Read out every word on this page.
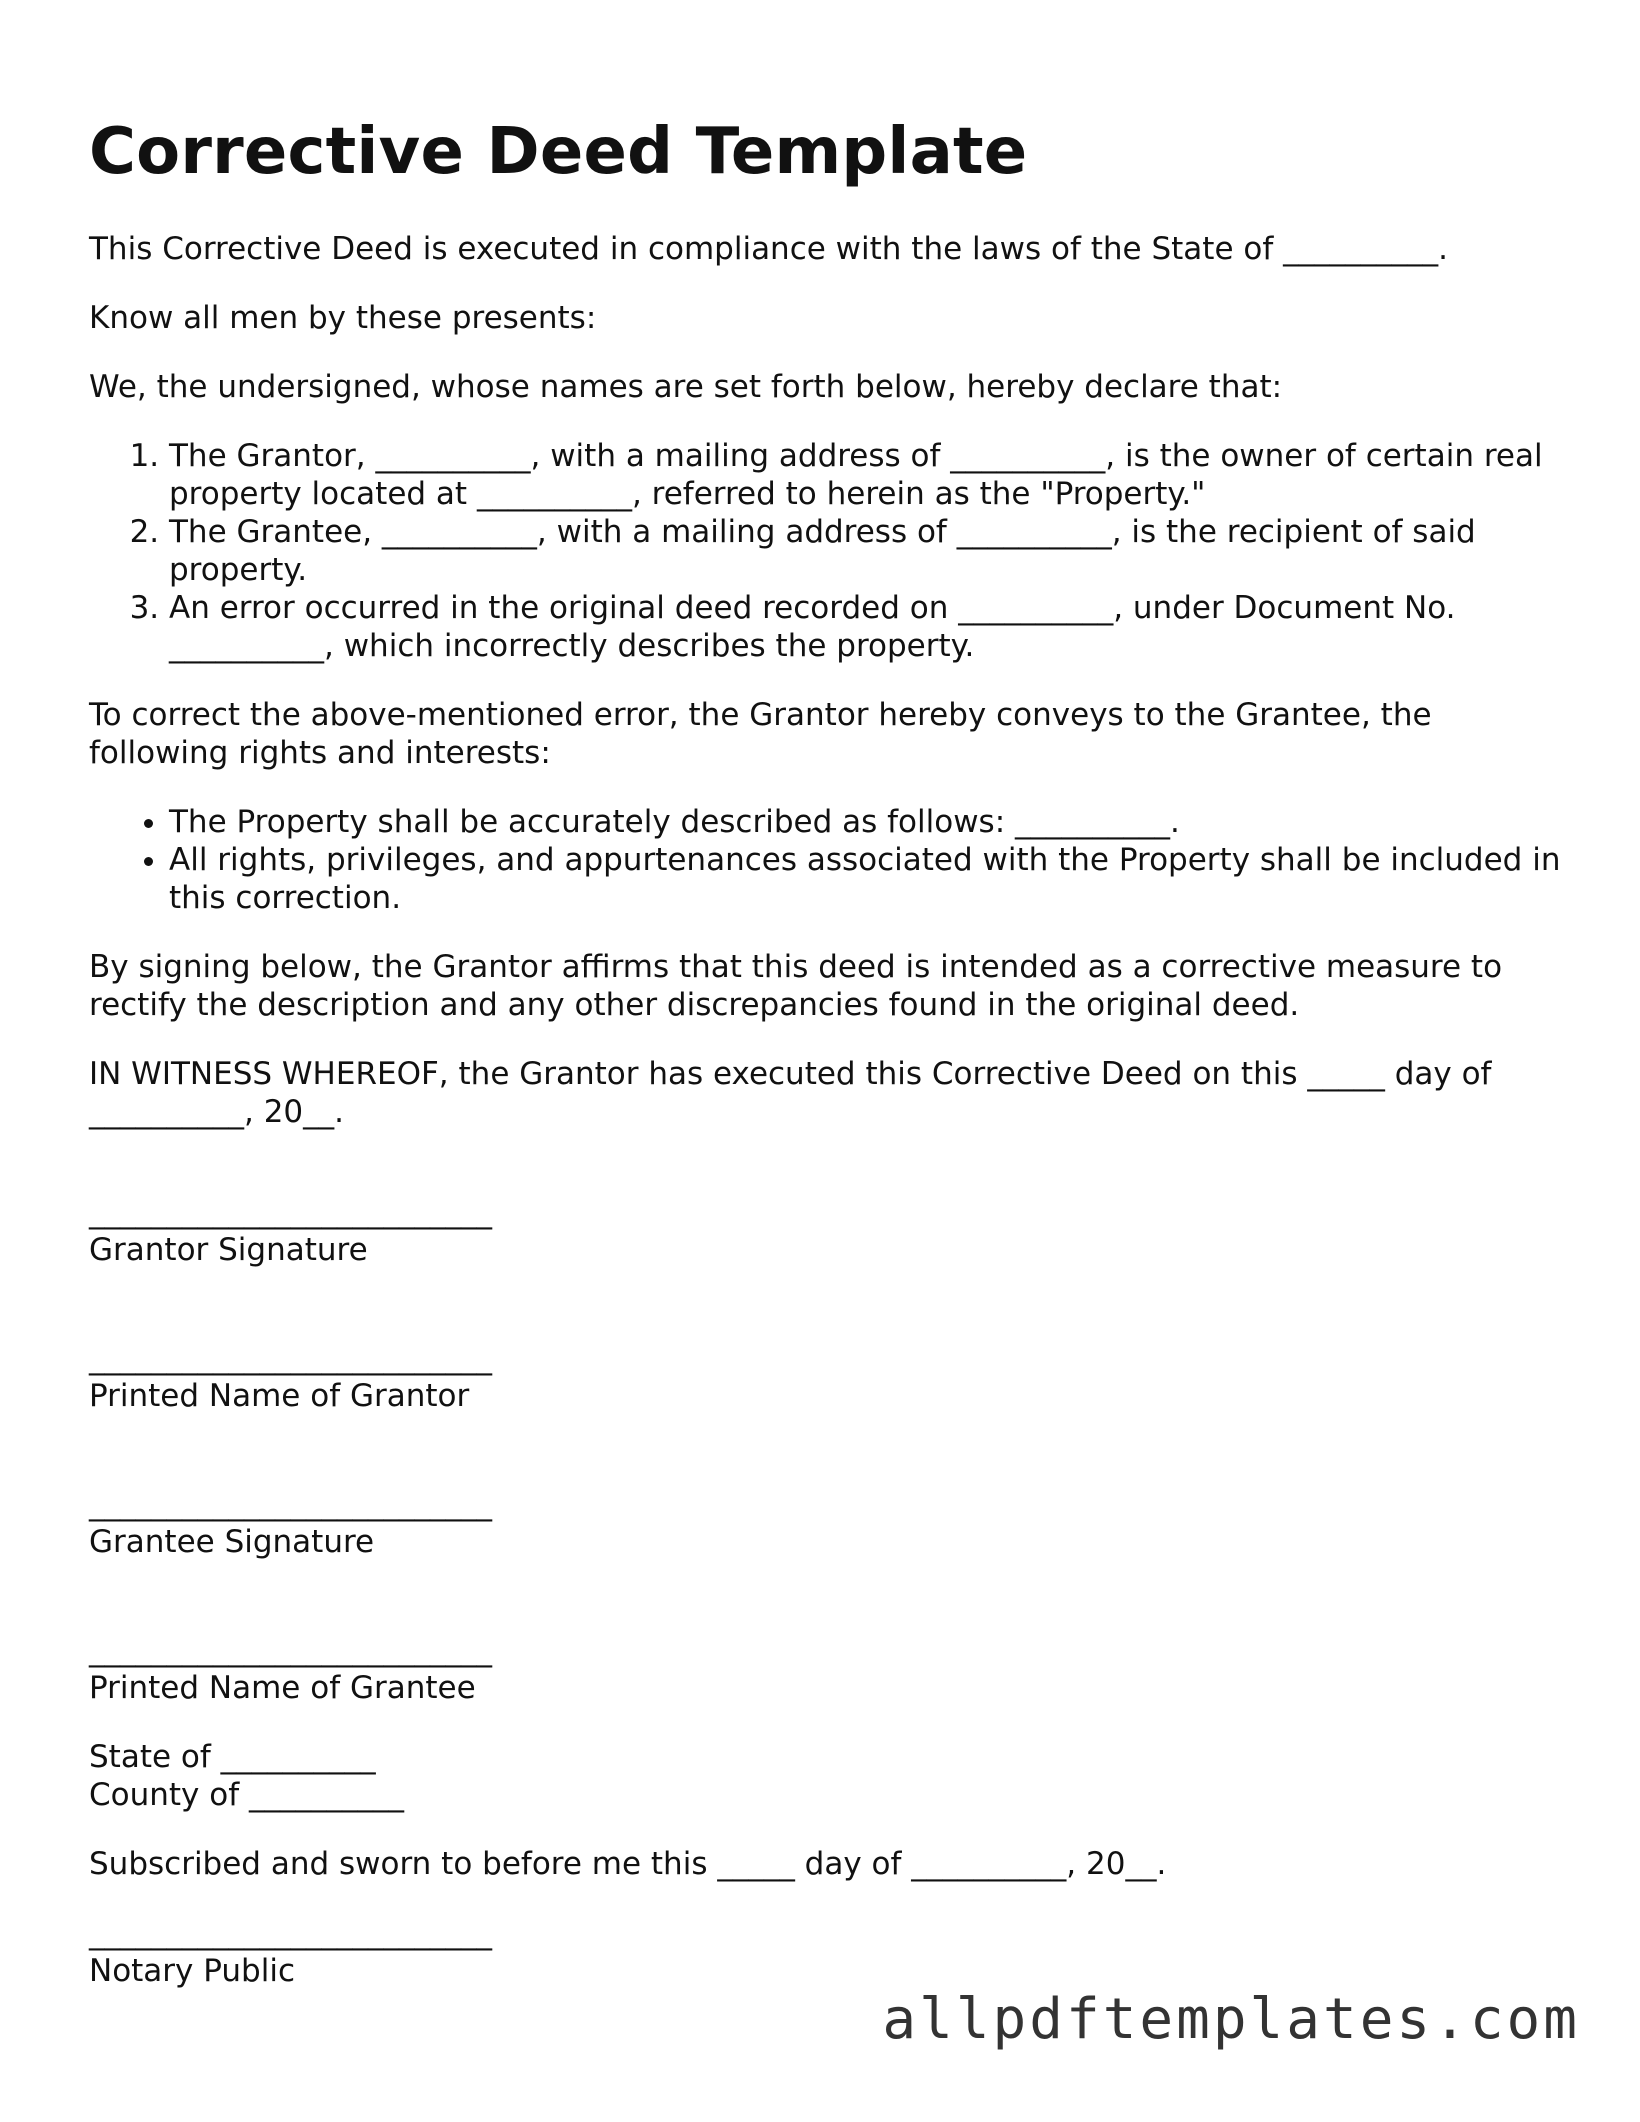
Corrective Deed Template

This Corrective Deed is executed in compliance with the laws of the State of __________.

Know all men by these presents:

We, the undersigned, whose names are set forth below, hereby declare that:

1. The Grantor, __________, with a mailing address of __________, is the owner of certain real property located at __________, referred to herein as the "Property."
2. The Grantee, __________, with a mailing address of __________, is the recipient of said property.
3. An error occurred in the original deed recorded on __________, under Document No. __________, which incorrectly describes the property.

To correct the above-mentioned error, the Grantor hereby conveys to the Grantee, the following rights and interests:

• The Property shall be accurately described as follows: __________.
• All rights, privileges, and appurtenances associated with the Property shall be included in this correction.

By signing below, the Grantor affirms that this deed is intended as a corrective measure to rectify the description and any other discrepancies found in the original deed.

IN WITNESS WHEREOF, the Grantor has executed this Corrective Deed on this _____ day of __________, 20__.

__________________________
Grantor Signature
__________________________
Printed Name of Grantor
__________________________
Grantee Signature
__________________________
Printed Name of Grantee
State of __________
County of __________

Subscribed and sworn to before me this _____ day of __________, 20__.

__________________________
Notary Public
allpdftemplates.com
